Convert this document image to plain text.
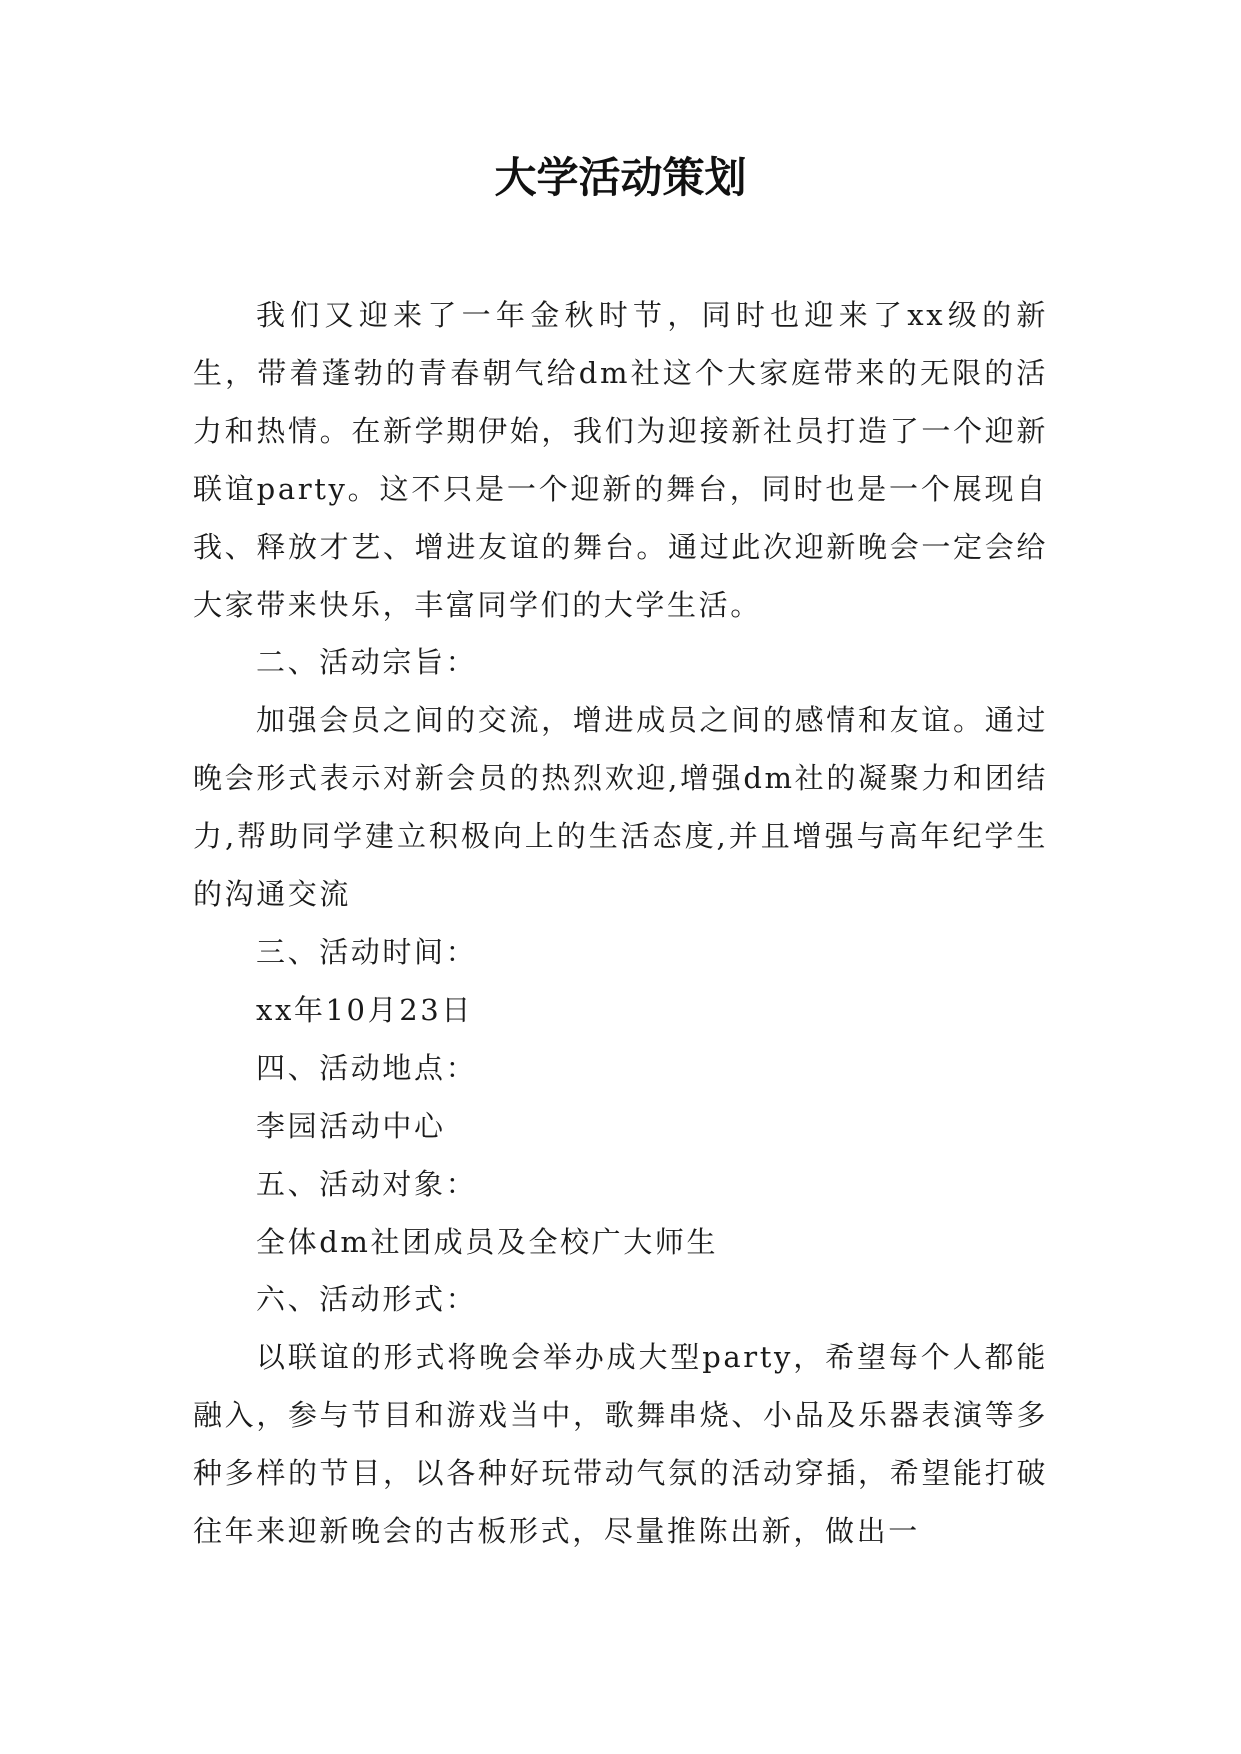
大学活动策划

我们又迎来了一年金秋时节，同时也迎来了xx级的新生，带着蓬勃的青春朝气给dm社这个大家庭带来的无限的活力和热情。在新学期伊始，我们为迎接新社员打造了一个迎新联谊party。这不只是一个迎新的舞台，同时也是一个展现自我、释放才艺、增进友谊的舞台。通过此次迎新晚会一定会给大家带来快乐，丰富同学们的大学生活。

二、活动宗旨：

加强会员之间的交流，增进成员之间的感情和友谊。通过晚会形式表示对新会员的热烈欢迎,增强dm社的凝聚力和团结力,帮助同学建立积极向上的生活态度,并且增强与高年纪学生的沟通交流

三、活动时间：

xx年10月23日

四、活动地点：

李园活动中心

五、活动对象：

全体dm社团成员及全校广大师生

六、活动形式：

以联谊的形式将晚会举办成大型party，希望每个人都能融入，参与节目和游戏当中，歌舞串烧、小品及乐器表演等多种多样的节目，以各种好玩带动气氛的活动穿插，希望能打破往年来迎新晚会的古板形式，尽量推陈出新，做出一
